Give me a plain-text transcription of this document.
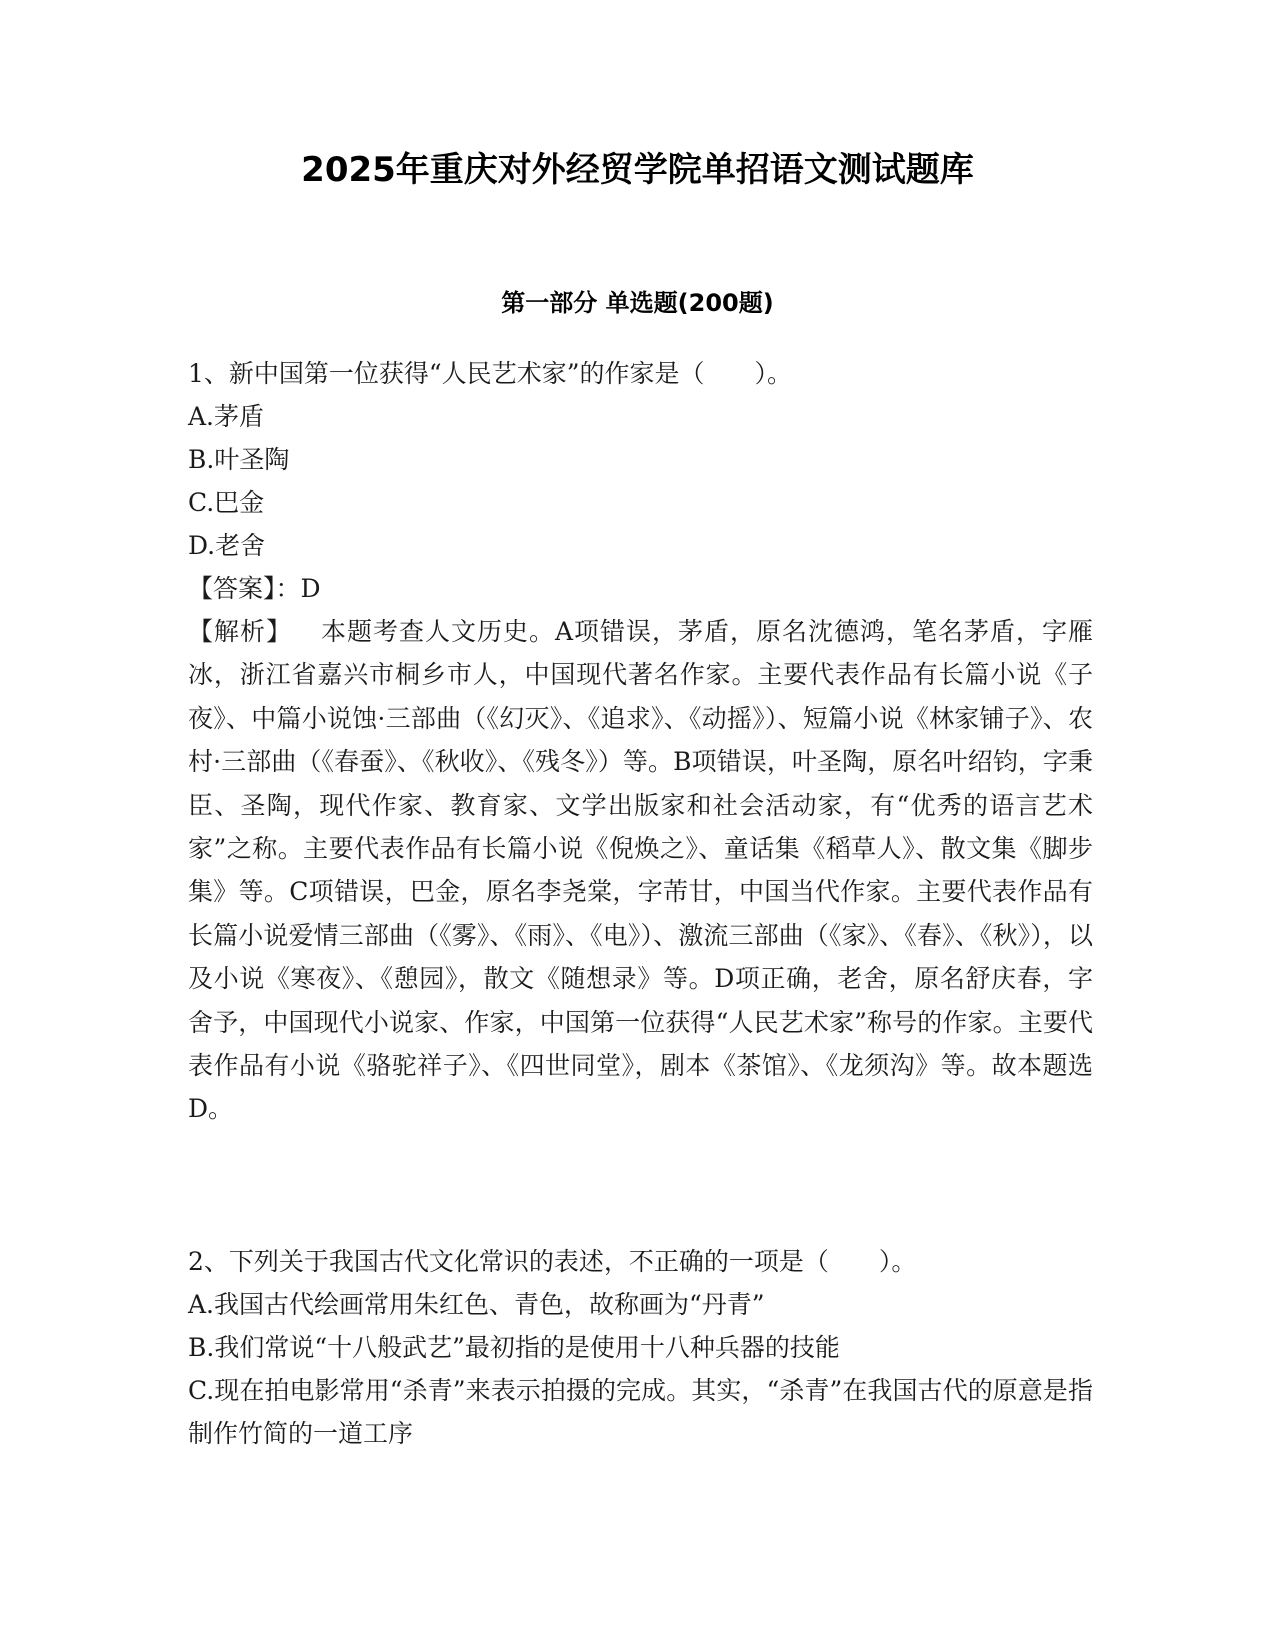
2025年重庆对外经贸学院单招语文测试题库
第一部分 单选题(200题)
1、新中国第一位获得“人民艺术家”的作家是（　　）。
A.茅盾
B.叶圣陶
C.巴金
D.老舍
【答案】：D
【解析】 本题考查人文历史。A项错误，茅盾，原名沈德鸿，笔名茅盾，字雁冰，浙江省嘉兴市桐乡市人，中国现代著名作家。主要代表作品有长篇小说《子夜》、中篇小说蚀·三部曲（《幻灭》、《追求》、《动摇》）、短篇小说《林家铺子》、农村·三部曲（《春蚕》、《秋收》、《残冬》）等。B项错误，叶圣陶，原名叶绍钧，字秉臣、圣陶，现代作家、教育家、文学出版家和社会活动家，有“优秀的语言艺术家”之称。主要代表作品有长篇小说《倪焕之》、童话集《稻草人》、散文集《脚步集》等。C项错误，巴金，原名李尧棠，字芾甘，中国当代作家。主要代表作品有长篇小说爱情三部曲（《雾》、《雨》、《电》）、激流三部曲（《家》、《春》、《秋》），以及小说《寒夜》、《憩园》，散文《随想录》等。D项正确，老舍，原名舒庆春，字舍予，中国现代小说家、作家，中国第一位获得“人民艺术家”称号的作家。主要代表作品有小说《骆驼祥子》、《四世同堂》，剧本《茶馆》、《龙须沟》等。故本题选D。
2、下列关于我国古代文化常识的表述，不正确的一项是（　　）。
A.我国古代绘画常用朱红色、青色，故称画为“丹青”
B.我们常说“十八般武艺”最初指的是使用十八种兵器的技能
C.现在拍电影常用“杀青”来表示拍摄的完成。其实，“杀青”在我国古代的原意是指制作竹简的一道工序
